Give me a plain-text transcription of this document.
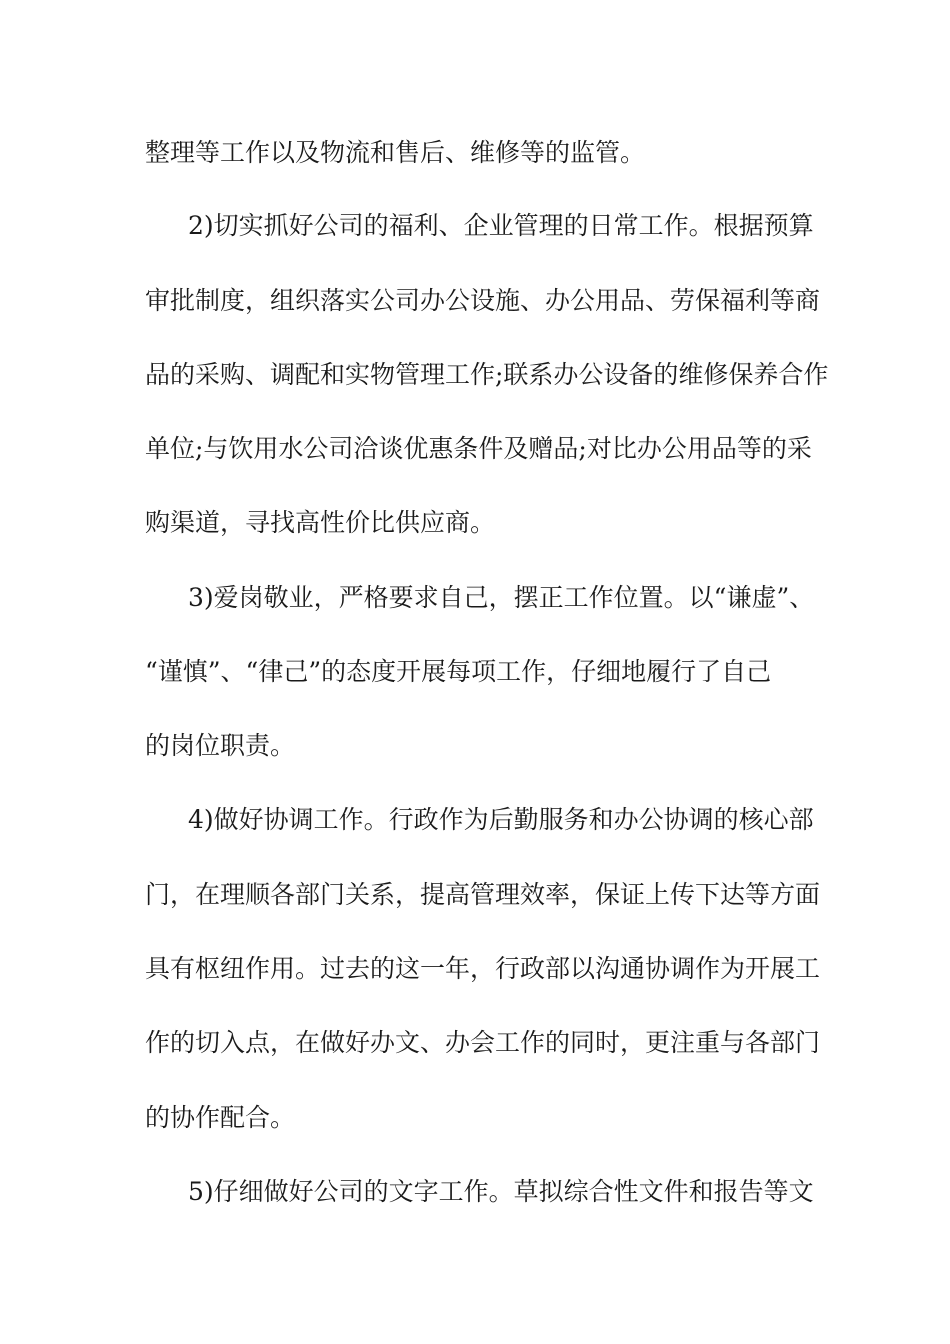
整理等工作以及物流和售后、维修等的监管。

2)切实抓好公司的福利、企业管理的日常工作。根据预算

审批制度，组织落实公司办公设施、办公用品、劳保福利等商

品的采购、调配和实物管理工作;联系办公设备的维修保养合作

单位;与饮用水公司洽谈优惠条件及赠品;对比办公用品等的采

购渠道，寻找高性价比供应商。

3)爱岗敬业，严格要求自己，摆正工作位置。以“谦虚”、

“谨慎”、“律己”的态度开展每项工作，仔细地履行了自己

的岗位职责。

4)做好协调工作。行政作为后勤服务和办公协调的核心部

门，在理顺各部门关系，提高管理效率，保证上传下达等方面

具有枢纽作用。过去的这一年，行政部以沟通协调作为开展工

作的切入点，在做好办文、办会工作的同时，更注重与各部门

的协作配合。

5)仔细做好公司的文字工作。草拟综合性文件和报告等文
